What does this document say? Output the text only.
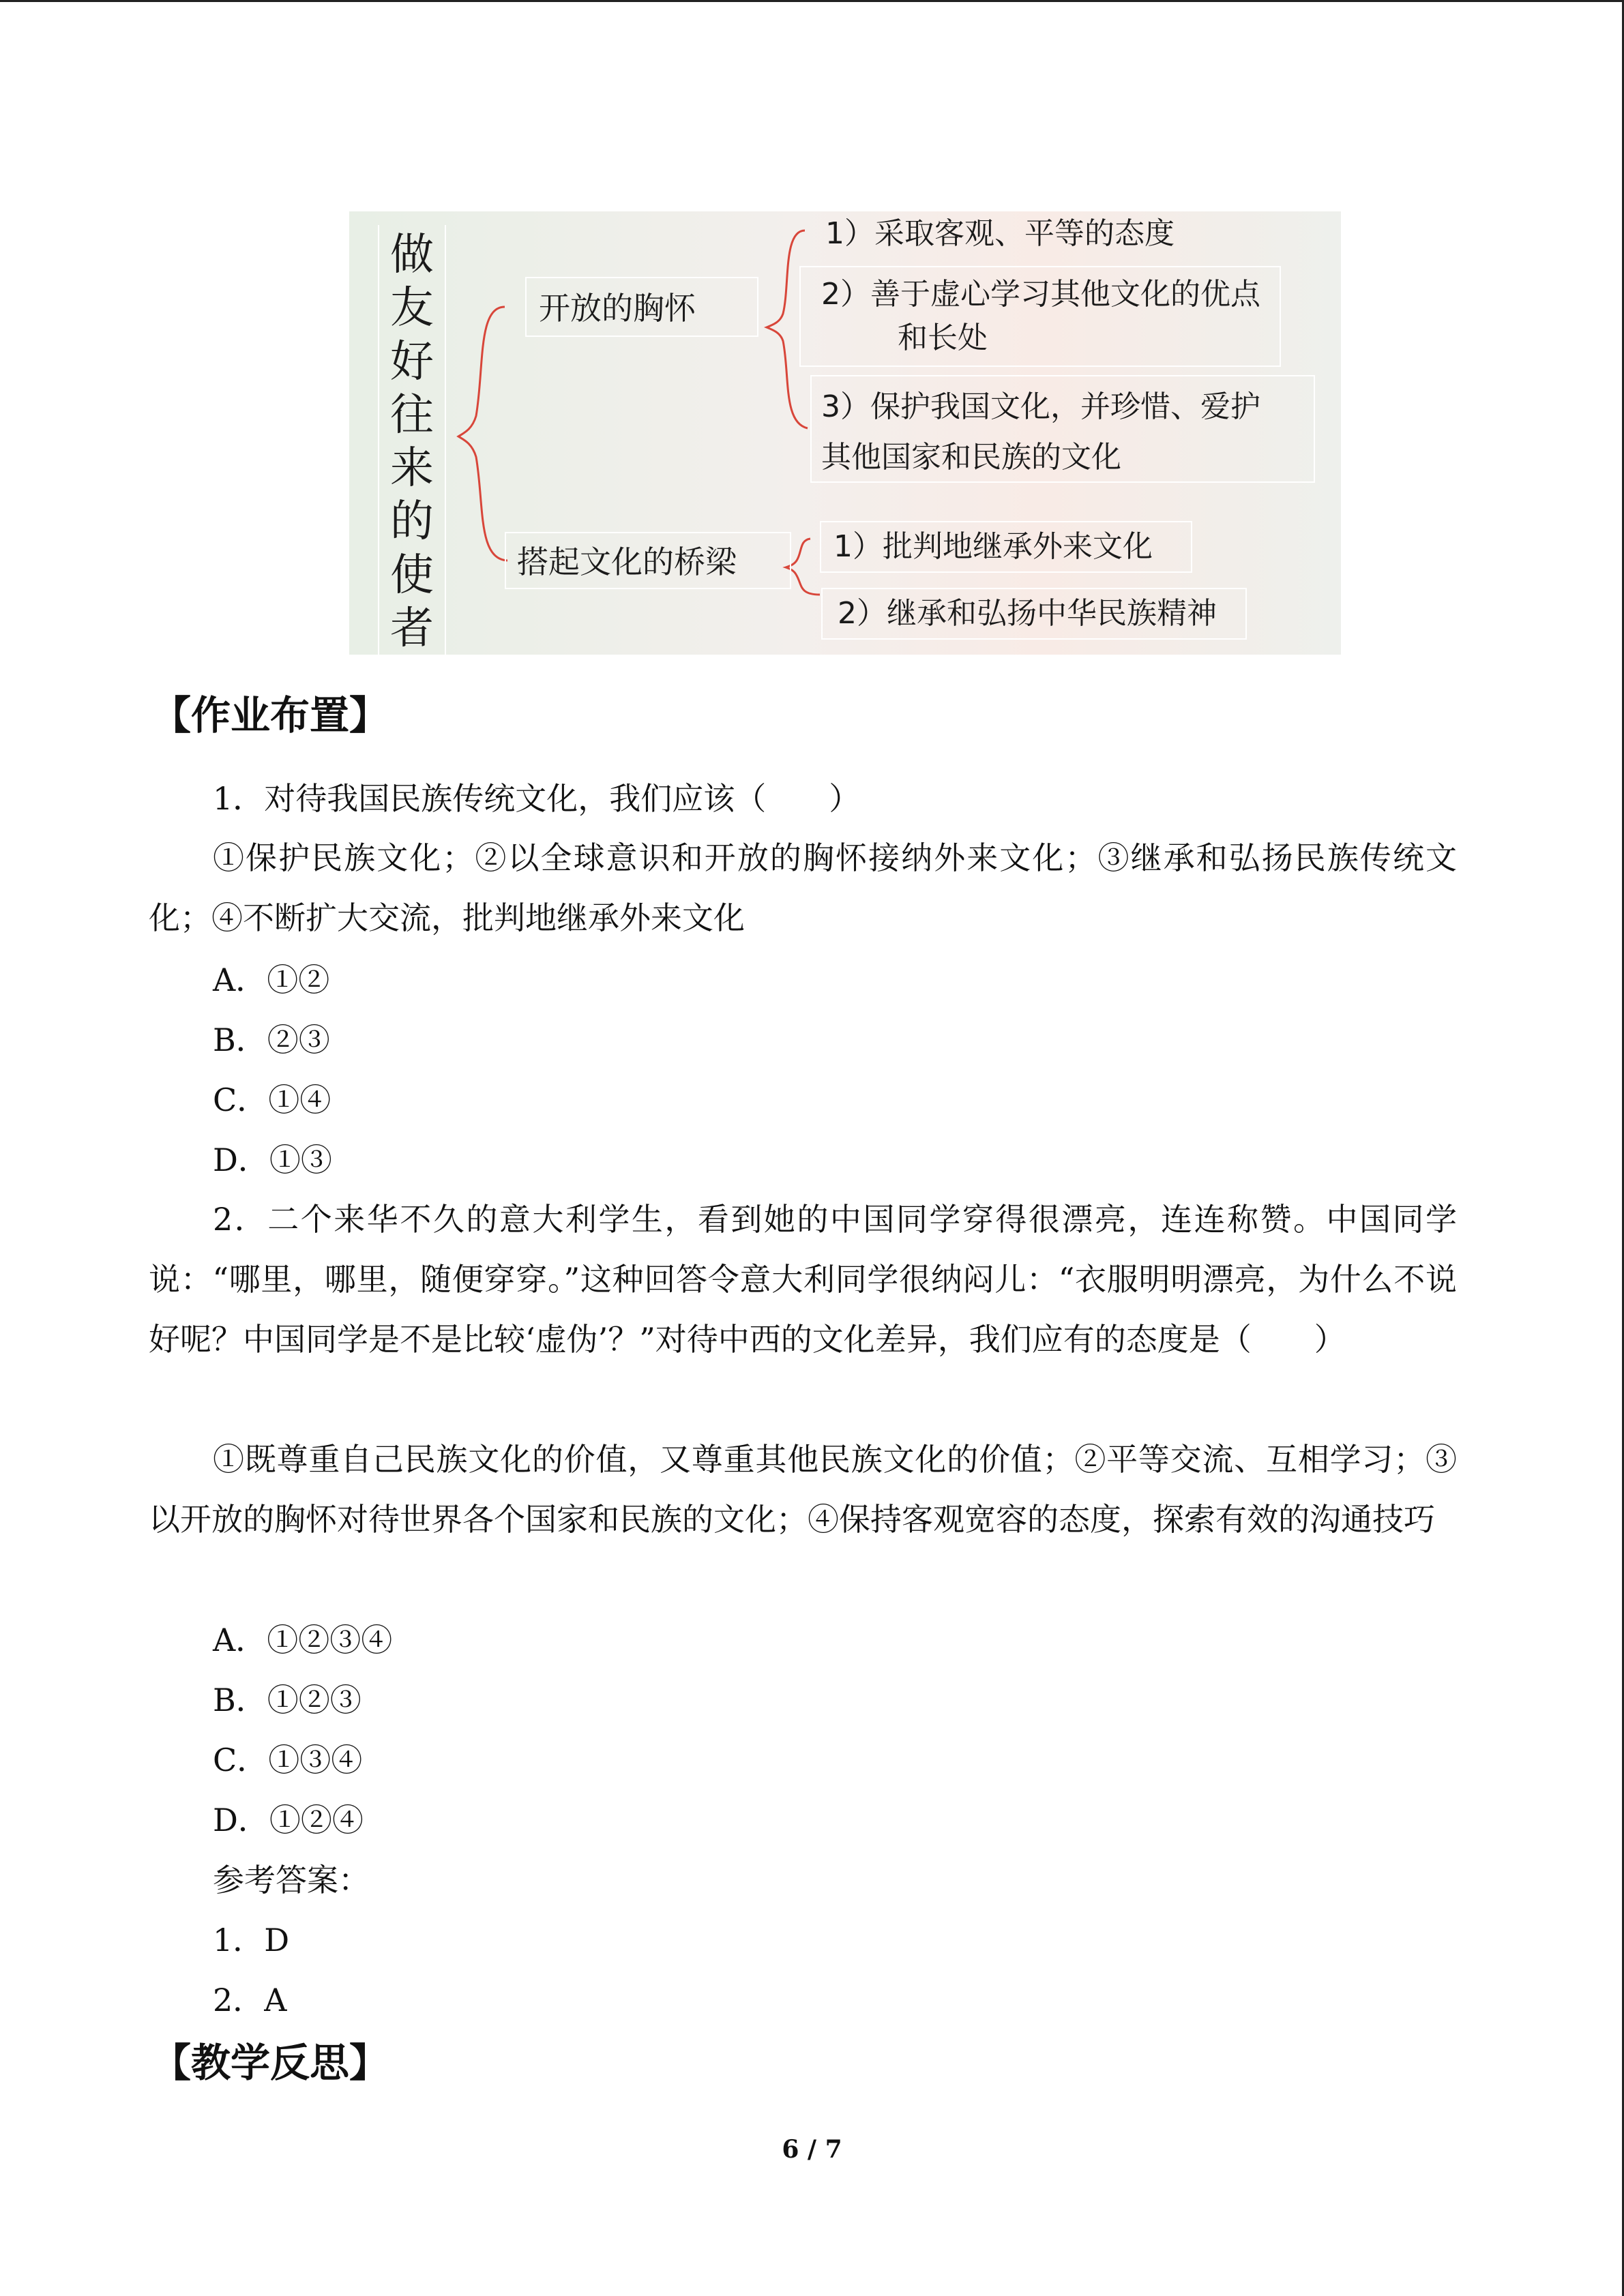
做
友
好
往
来
的
使
者
开放的胸怀
搭起文化的桥梁
1）采取客观、平等的态度
2）善于虚心学习其他文化的优点
和长处
3）保护我国文化，并珍惜、爱护
其他国家和民族的文化
1）批判地继承外来文化
2）继承和弘扬中华民族精神
【作业布置】
1．对待我国民族传统文化，我们应该（　　）

①保护民族文化；②以全球意识和开放的胸怀接纳外来文化；③继承和弘扬民族传统文化；④不断扩大交流，批判地继承外来文化

A．①②
B．②③
C．①④
D．①③

2．二个来华不久的意大利学生，看到她的中国同学穿得很漂亮，连连称赞。中国同学说：“哪里，哪里，随便穿穿。”这种回答令意大利同学很纳闷儿：“衣服明明漂亮，为什么不说好呢？中国同学是不是比较‘虚伪’？”对待中西的文化差异，我们应有的态度是（　　）

①既尊重自己民族文化的价值，又尊重其他民族文化的价值；②平等交流、互相学习；③以开放的胸怀对待世界各个国家和民族的文化；④保持客观宽容的态度，探索有效的沟通技巧

A．①②③④
B．①②③
C．①③④
D．①②④
参考答案：
1．D
2．A
【教学反思】
6 / 7
